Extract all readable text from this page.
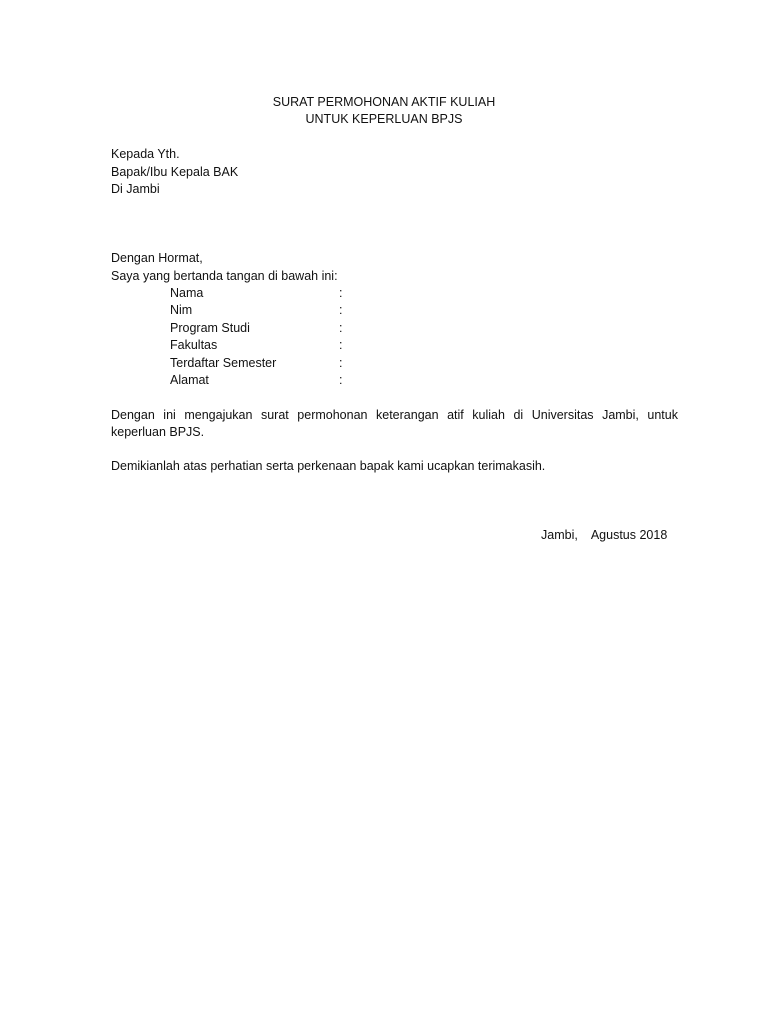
SURAT PERMOHONAN AKTIF KULIAH
UNTUK KEPERLUAN BPJS
Kepada Yth.
Bapak/Ibu Kepala BAK
Di Jambi
Dengan Hormat,
Saya yang bertanda tangan di bawah ini:
Nama	:
Nim	:
Program Studi	:
Fakultas	:
Terdaftar Semester	:
Alamat	:
Dengan ini mengajukan surat permohonan keterangan atif kuliah di Universitas Jambi, untuk keperluan BPJS.
Demikianlah atas perhatian serta perkenaan bapak kami ucapkan terimakasih.
Jambi, Agustus 2018
